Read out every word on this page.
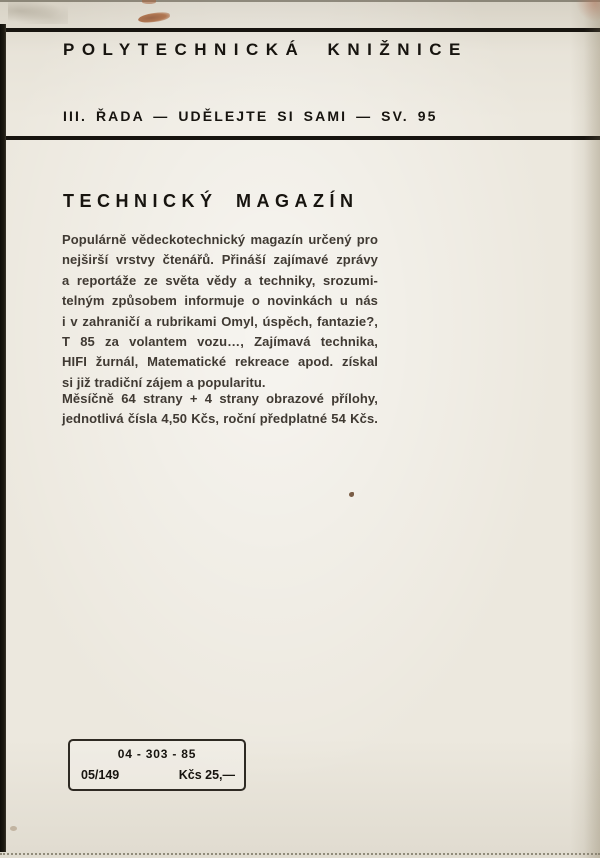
POLYTECHNICKÁ KNIŽNICE
III. ŘADA — UDĚLEJTE SI SAMI — SV. 95
TECHNICKÝ MAGAZÍN
Populárně vědeckotechnický magazín určený pro
nejširší vrstvy čtenářů. Přináší zajímavé zprávy
a reportáže ze světa vědy a techniky, srozumi-
telným způsobem informuje o novinkách u nás
i v zahraničí a rubrikami Omyl, úspěch, fantazie?,
T 85 za volantem vozu…, Zajímavá technika,
HIFI žurnál, Matematické rekreace apod. získal
si již tradiční zájem a popularitu.
Měsíčně 64 strany + 4 strany obrazové přílohy,
jednotlivá čísla 4,50 Kčs, roční předplatné 54 Kčs.
04 - 303 - 85
05/149	Kčs 25,—
